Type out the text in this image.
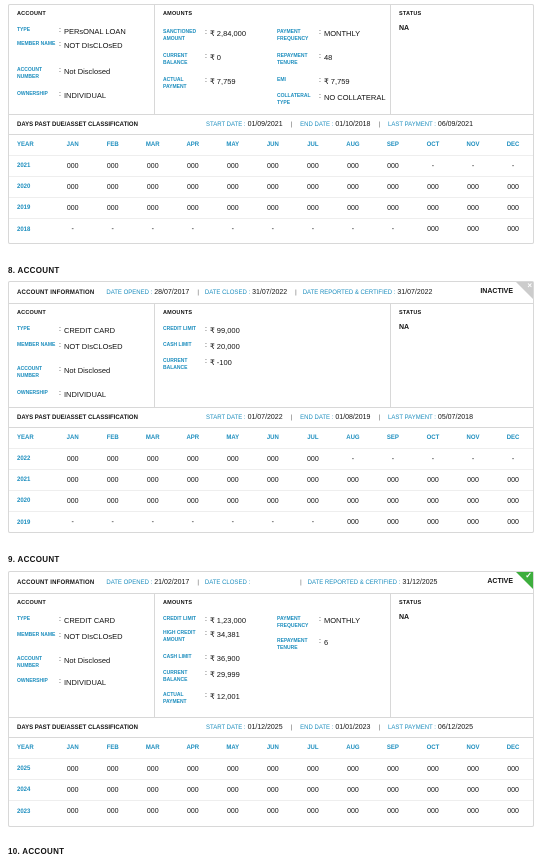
ACCOUNT
TYPE	: PERsONAL LOAN
MEMBER NAME : NOT DIsCLOsED
ACCOUNT NUMBER
: Not Disclosed
OWNERSHIP	: INDIVIDUAL
AMOUNTS
SANCTIONED AMOUNT
: ₹ 2,84,000
CURRENT BALANCE
: ₹ 0
ACTUAL PAYMENT
: ₹ 7,759
PAYMENT FREQUENCY
: MONTHLY
REPAYMENT TENURE
: 48
EMI	: ₹ 7,759
COLLATERAL TYPE
: NO COLLATERAL
STATUS
NA
DAYS PAST DUE/ASSET CLASSIFICATION	START DATE : 01/09/2021 | END DATE : 01/10/2018 | LAST PAYMENT : 06/09/2021
YEAR	JAN	FEB	MAR	APR	MAY	JUN	JUL	AUG	SEP	OCT	NOV	DEC
2021	000	000	000	000	000	000	000	000	000	-	-	-
2020	000	000	000	000	000	000	000	000	000	000	000	000
2019	000	000	000	000	000	000	000	000	000	000	000	000
2018	-	-	-	-	-	-	-	-	-	000	000	000
8. ACCOUNT
ACCOUNT INFORMATION DATE OPENED : 28/07/2017 | DATE CLOSED : 31/07/2022 | DATE REPORTED & CERTIFIED : 31/07/2022	INACTIVE
×
ACCOUNT
TYPE	: CREDIT CARD
MEMBER NAME : NOT DIsCLOsED
ACCOUNT NUMBER
: Not Disclosed
OWNERSHIP	: INDIVIDUAL
AMOUNTS
CREDIT LIMIT	: ₹ 99,000
CASH LIMIT	: ₹ 20,000
CURRENT BALANCE
: ₹ -100
STATUS
NA
DAYS PAST DUE/ASSET CLASSIFICATION	START DATE : 01/07/2022 | END DATE : 01/08/2019 | LAST PAYMENT : 05/07/2018
YEAR	JAN	FEB	MAR	APR	MAY	JUN	JUL	AUG	SEP	OCT	NOV	DEC
2022	000	000	000	000	000	000	000	-	-	-	-	-
2021	000	000	000	000	000	000	000	000	000	000	000	000
2020	000	000	000	000	000	000	000	000	000	000	000	000
2019	-	-	-	-	-	-	-	000	000	000	000	000
9. ACCOUNT
ACCOUNT INFORMATION DATE OPENED : 21/02/2017 | DATE CLOSED :	| DATE REPORTED & CERTIFIED : 31/12/2025	ACTIVE
✓
ACCOUNT
TYPE	: CREDIT CARD
MEMBER NAME : NOT DIsCLOsED
ACCOUNT NUMBER
: Not Disclosed
OWNERSHIP	: INDIVIDUAL
AMOUNTS
CREDIT LIMIT	: ₹ 1,23,000
HIGH CREDIT AMOUNT
: ₹ 34,381
CASH LIMIT	: ₹ 36,900
CURRENT BALANCE
: ₹ 29,999
ACTUAL PAYMENT
: ₹ 12,001
PAYMENT FREQUENCY
: MONTHLY
REPAYMENT TENURE
: 6
STATUS
NA
DAYS PAST DUE/ASSET CLASSIFICATION	START DATE : 01/12/2025 | END DATE : 01/01/2023 | LAST PAYMENT : 06/12/2025
YEAR	JAN	FEB	MAR	APR	MAY	JUN	JUL	AUG	SEP	OCT	NOV	DEC
2025	000	000	000	000	000	000	000	000	000	000	000	000
2024	000	000	000	000	000	000	000	000	000	000	000	000
2023	000	000	000	000	000	000	000	000	000	000	000	000
10. ACCOUNT
